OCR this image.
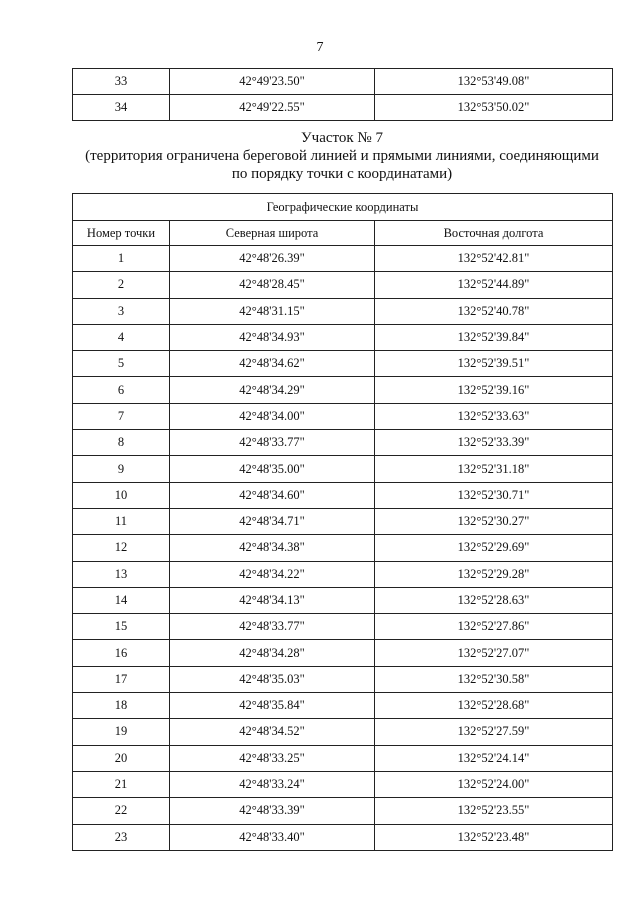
7
33	42°49'23.50"	132°53'49.08"
34	42°49'22.55"	132°53'50.02"
Участок № 7
(территория ограничена береговой линией и прямыми линиями, соединяющими
по порядку точки с координатами)
Географические координаты		
Номер точки	Северная широта	Восточная долгота
1	42°48'26.39"	132°52'42.81"
2	42°48'28.45"	132°52'44.89"
3	42°48'31.15"	132°52'40.78"
4	42°48'34.93"	132°52'39.84"
5	42°48'34.62"	132°52'39.51"
6	42°48'34.29"	132°52'39.16"
7	42°48'34.00"	132°52'33.63"
8	42°48'33.77"	132°52'33.39"
9	42°48'35.00"	132°52'31.18"
10	42°48'34.60"	132°52'30.71"
11	42°48'34.71"	132°52'30.27"
12	42°48'34.38"	132°52'29.69"
13	42°48'34.22"	132°52'29.28"
14	42°48'34.13"	132°52'28.63"
15	42°48'33.77"	132°52'27.86"
16	42°48'34.28"	132°52'27.07"
17	42°48'35.03"	132°52'30.58"
18	42°48'35.84"	132°52'28.68"
19	42°48'34.52"	132°52'27.59"
20	42°48'33.25"	132°52'24.14"
21	42°48'33.24"	132°52'24.00"
22	42°48'33.39"	132°52'23.55"
23	42°48'33.40"	132°52'23.48"
